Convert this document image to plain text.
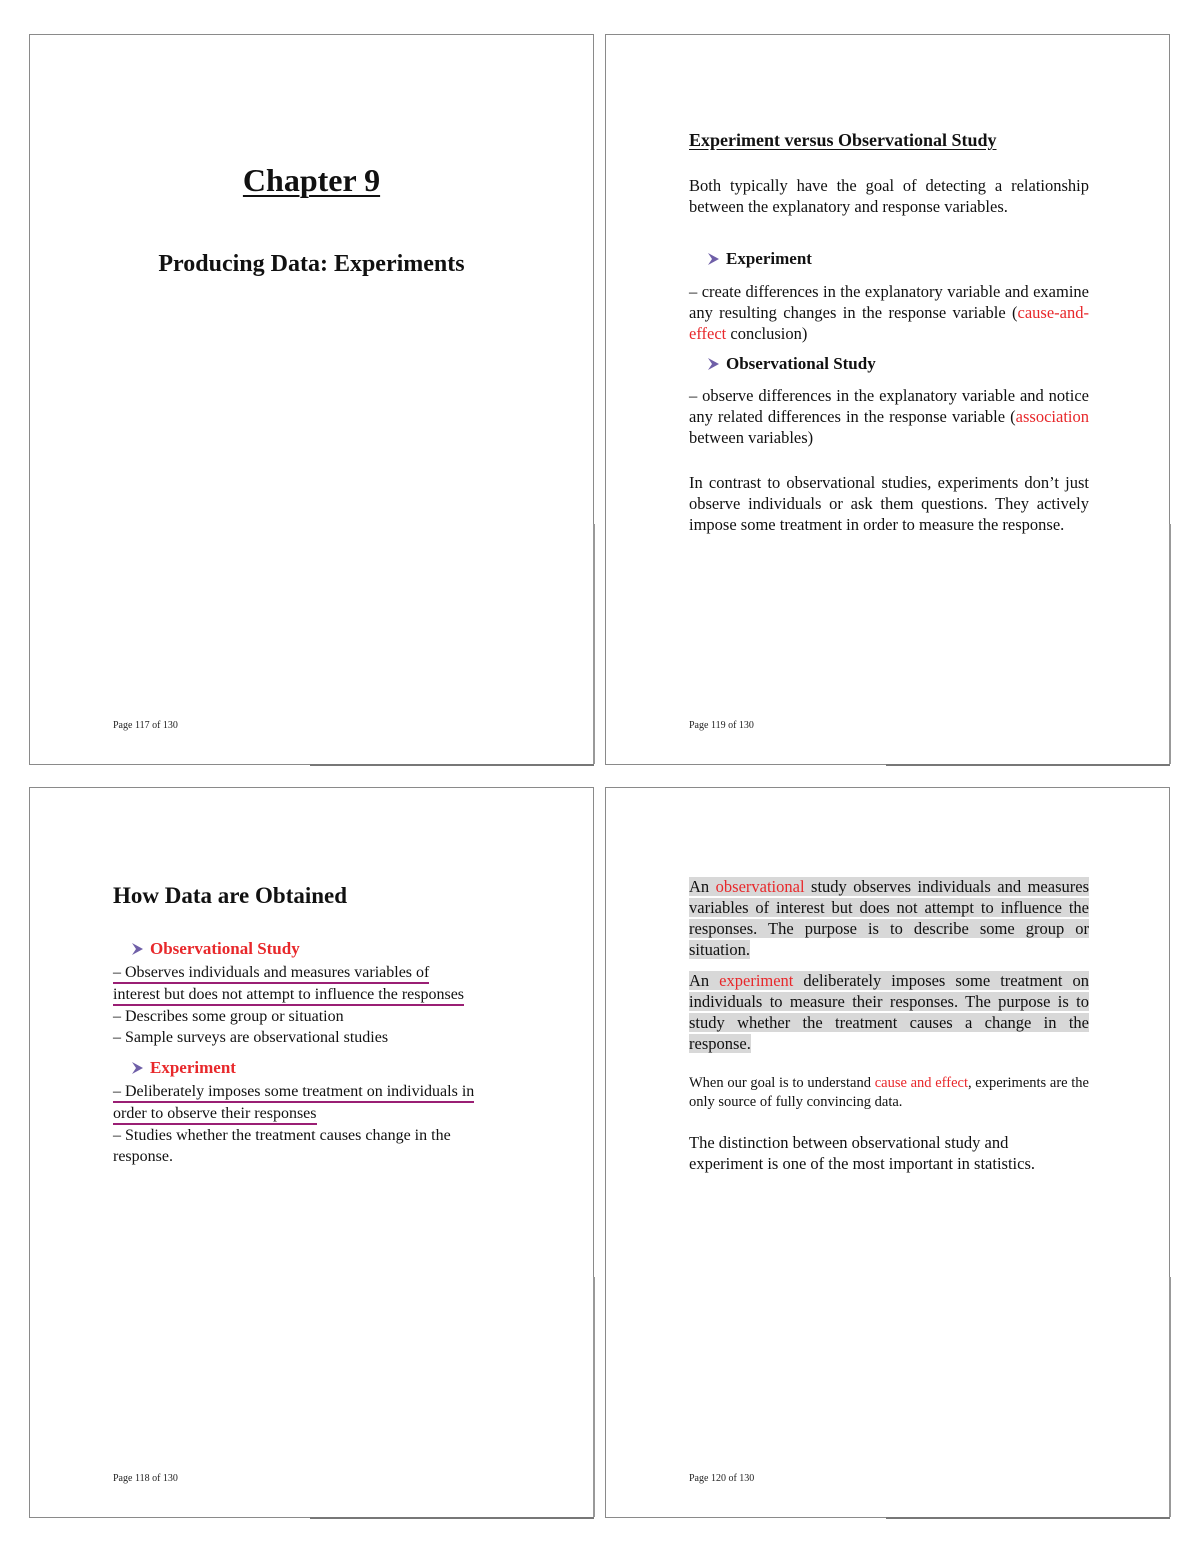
Chapter 9
Producing Data: Experiments
Page 117 of 130
Experiment versus Observational Study
Both typically have the goal of detecting a relationship between the explanatory and response variables.
Experiment
– create differences in the explanatory variable and examine any resulting changes in the response variable (cause-and-effect conclusion)
Observational Study
– observe differences in the explanatory variable and notice any related differences in the response variable (association between variables)
In contrast to observational studies, experiments don’t just observe individuals or ask them questions. They actively impose some treatment in order to measure the response.
Page 119 of 130
How Data are Obtained
Observational Study
– Observes individuals and measures variables of
interest but does not attempt to influence the responses
– Describes some group or situation
– Sample surveys are observational studies
Experiment
– Deliberately imposes some treatment on individuals in
order to observe their responses
– Studies whether the treatment causes change in the response.
Page 118 of 130
An observational study observes individuals and measures variables of interest but does not attempt to influence the responses. The purpose is to describe some group or situation.
An experiment deliberately imposes some treatment on individuals to measure their responses. The purpose is to study whether the treatment causes a change in the response.
When our goal is to understand cause and effect, experiments are the only source of fully convincing data.
The distinction between observational study and experiment is one of the most important in statistics.
Page 120 of 130
